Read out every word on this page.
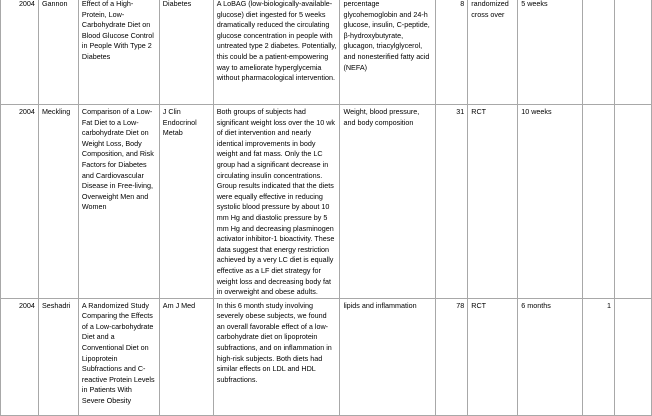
2004	Gannon	Effect of a High-Protein, Low-Carbohydrate Diet on Blood Glucose Control in People With Type 2 Diabetes	Diabetes	A LoBAG (low-biologically-available-glucose) diet ingested for 5 weeks dramatically reduced the circulating glucose concentration in people with untreated type 2 diabetes. Potentially, this could be a patient-empowering way to ameliorate hyperglycemia without pharmacological intervention.	percentage glycohemoglobin and 24-h glucose, insulin, C-peptide, β-hydroxybutyrate, glucagon, triacylglycerol, and nonesterified fatty acid (NEFA)	8	randomized cross over	5 weeks		
2004	Meckling	Comparison of a Low-Fat Diet to a Low-carbohydrate Diet on Weight Loss, Body Composition, and Risk Factors for Diabetes and Cardiovascular Disease in Free-living, Overweight Men and Women	J Clin Endocrinol Metab	Both groups of subjects had significant weight loss over the 10 wk of diet intervention and nearly identical improvements in body weight and fat mass. Only the LC group had a significant decrease in circulating insulin concentrations. Group results indicated that the diets were equally effective in reducing systolic blood pressure by about 10 mm Hg and diastolic pressure by 5 mm Hg and decreasing plasminogen activator inhibitor-1 bioactivity. These data suggest that energy restriction achieved by a very LC diet is equally effective as a LF diet strategy for weight loss and decreasing body fat in overweight and obese adults.	Weight, blood pressure, and body composition	31	RCT	10 weeks		
2004	Seshadri	A Randomized Study Comparing the Effects of a Low-carbohydrate Diet and a Conventional Diet on Lipoprotein Subfractions and C-reactive Protein Levels in Patients With Severe Obesity	Am J Med	In this 6 month study involving severely obese subjects, we found an overall favorable effect of a low-carbohydrate diet on lipoprotein subfractions, and on inflammation in high-risk subjects. Both diets had similar effects on LDL and HDL subfractions.	lipids and inflammation	78	RCT	6 months	1	
